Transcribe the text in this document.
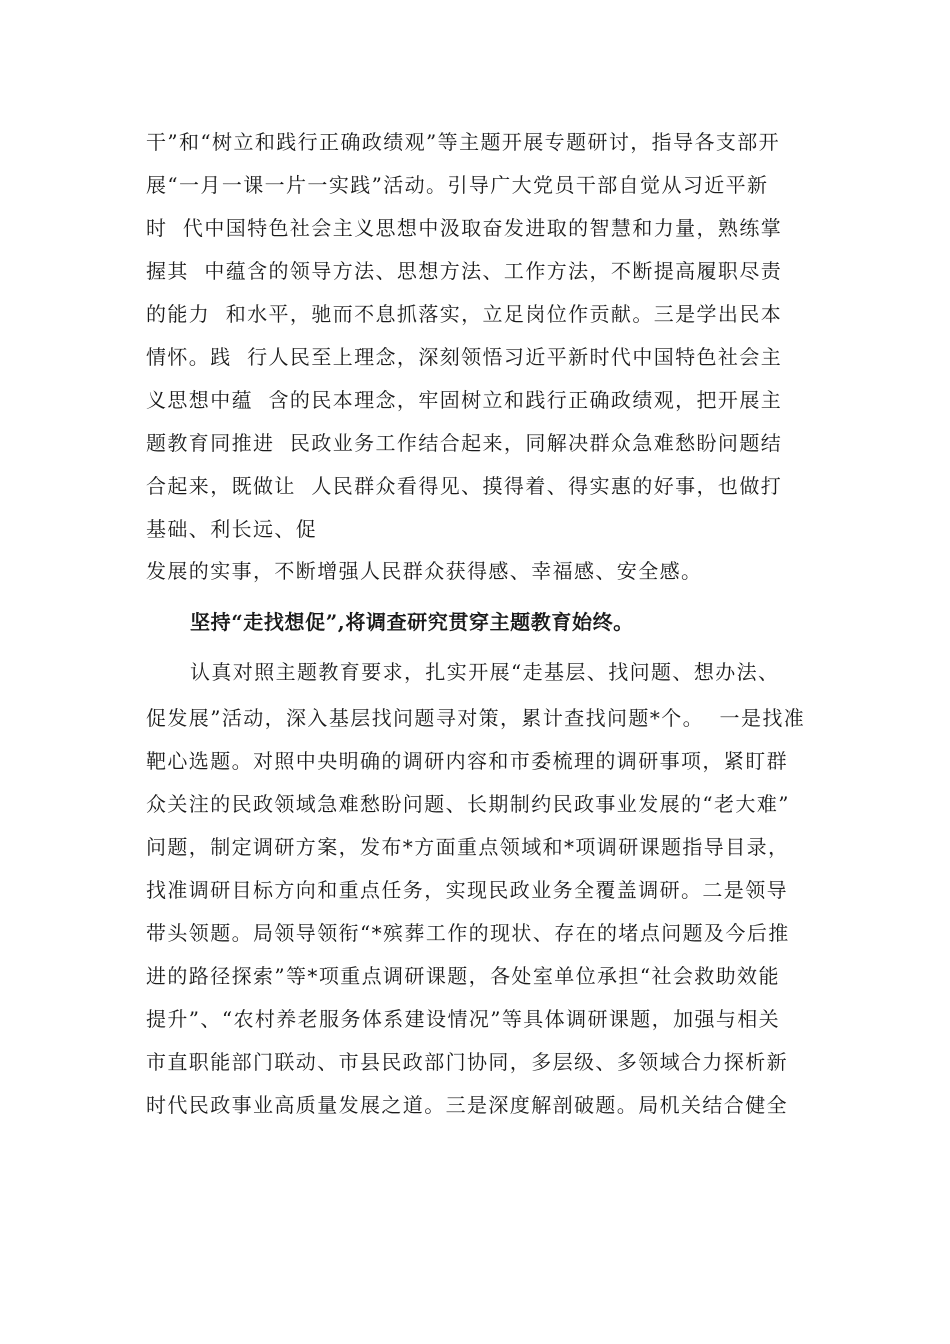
干”和“树立和践行正确政绩观”等主题开展专题研讨，指导各支部开
展“一月一课一片一实践”活动。引导广大党员干部自觉从习近平新
时  代中国特色社会主义思想中汲取奋发进取的智慧和力量，熟练掌
握其  中蕴含的领导方法、思想方法、工作方法，不断提高履职尽责
的能力  和水平，驰而不息抓落实，立足岗位作贡献。三是学出民本
情怀。践  行人民至上理念，深刻领悟习近平新时代中国特色社会主
义思想中蕴  含的民本理念，牢固树立和践行正确政绩观，把开展主
题教育同推进  民政业务工作结合起来，同解决群众急难愁盼问题结
合起来，既做让  人民群众看得见、摸得着、得实惠的好事，也做打
基础、利长远、促
发展的实事，不断增强人民群众获得感、幸福感、安全感。
坚持“走找想促”,将调查研究贯穿主题教育始终。
认真对照主题教育要求，扎实开展“走基层、找问题、想办法、
促发展”活动，深入基层找问题寻对策，累计查找问题*个。  一是找准
靶心选题。对照中央明确的调研内容和市委梳理的调研事项，紧盯群
众关注的民政领域急难愁盼问题、长期制约民政事业发展的“老大难”
问题，制定调研方案，发布*方面重点领域和*项调研课题指导目录，
找准调研目标方向和重点任务，实现民政业务全覆盖调研。二是领导
带头领题。局领导领衔“*殡葬工作的现状、存在的堵点问题及今后推
进的路径探索”等*项重点调研课题，各处室单位承担“社会救助效能
提升”、“农村养老服务体系建设情况”等具体调研课题，加强与相关
市直职能部门联动、市县民政部门协同，多层级、多领域合力探析新
时代民政事业高质量发展之道。三是深度解剖破题。局机关结合健全
